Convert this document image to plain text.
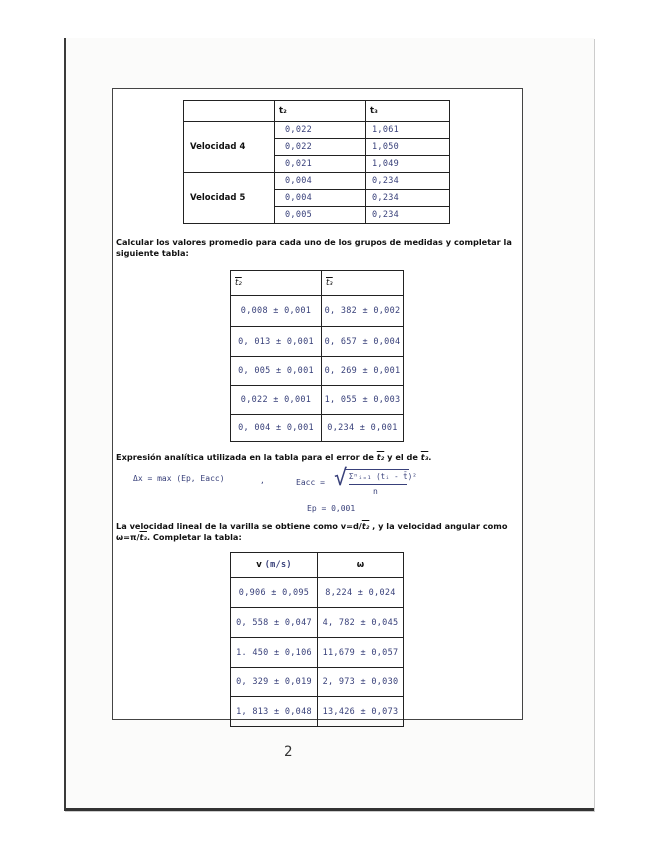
	t₂	t₃
Velocidad 4	0,022	1,061
	0,022	1,050
	0,021	1,049
Velocidad 5	0,004	0,234
	0,004	0,234
	0,005	0,234

Calcular los valores promedio para cada uno de los grupos de medidas y completar la siguiente tabla:

t₂	t₃
0,008 ± 0,001	0, 382 ± 0,002
0, 013 ± 0,001	0, 657 ± 0,004
0, 005 ± 0,001	0, 269 ± 0,001
0,022 ± 0,001	1, 055 ± 0,003
0, 004 ± 0,001	0,234 ± 0,001

Expresión analítica utilizada en la tabla para el error de t₂ y el de t₃.

Δx = max (Ep, Eacc)	,	Eacc = √ Σⁿᵢ₌₁ (tᵢ - t̄)²
n
Ep = 0,001

La velocidad lineal de la varilla se obtiene como v=d/t₂ , y la velocidad angular como
ω=π/t₃. Completar la tabla:

v (m/s)	ω
0,906 ± 0,095	8,224 ± 0,024
0, 558 ± 0,047	4, 782 ± 0,045
1. 450 ± 0,106	11,679 ± 0,057
0, 329 ± 0,019	2, 973 ± 0,030
1, 813 ± 0,048	13,426 ± 0,073
2
